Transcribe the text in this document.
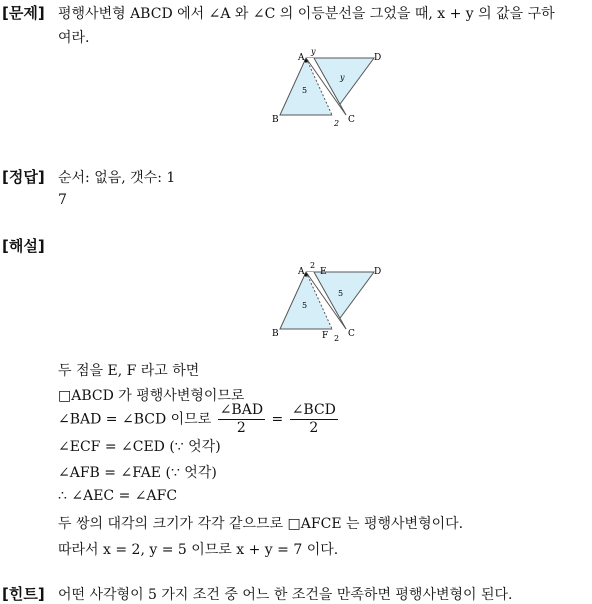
[문제] 평행사변형 ABCD 에서 ∠A 와 ∠C 의 이등분선을 그었을 때, x + y 의 값을 구하
여라.
A
B	C
D
y
y
5
2
[정답] 순서: 없음, 갯수: 1
7
[해설]
A
B	C
D
E
F
2
5
5
2
두 점을 E, F 라고 하면
□ABCD 가 평행사변형이므로
∠BAD = ∠BCD 이므로 $\frac{\text{∠BAD}}{2} = \frac{\text{∠BCD}}{2}$
∠ECF = ∠CED (∵ 엇각)
∠AFB = ∠FAE (∵ 엇각)
∴ ∠AEC = ∠AFC
두 쌍의 대각의 크기가 각각 같으므로 □AFCE 는 평행사변형이다.
따라서 x = 2, y = 5 이므로 x + y = 7 이다.
[힌트] 어떤 사각형이 5 가지 조건 중 어느 한 조건을 만족하면 평행사변형이 된다.
